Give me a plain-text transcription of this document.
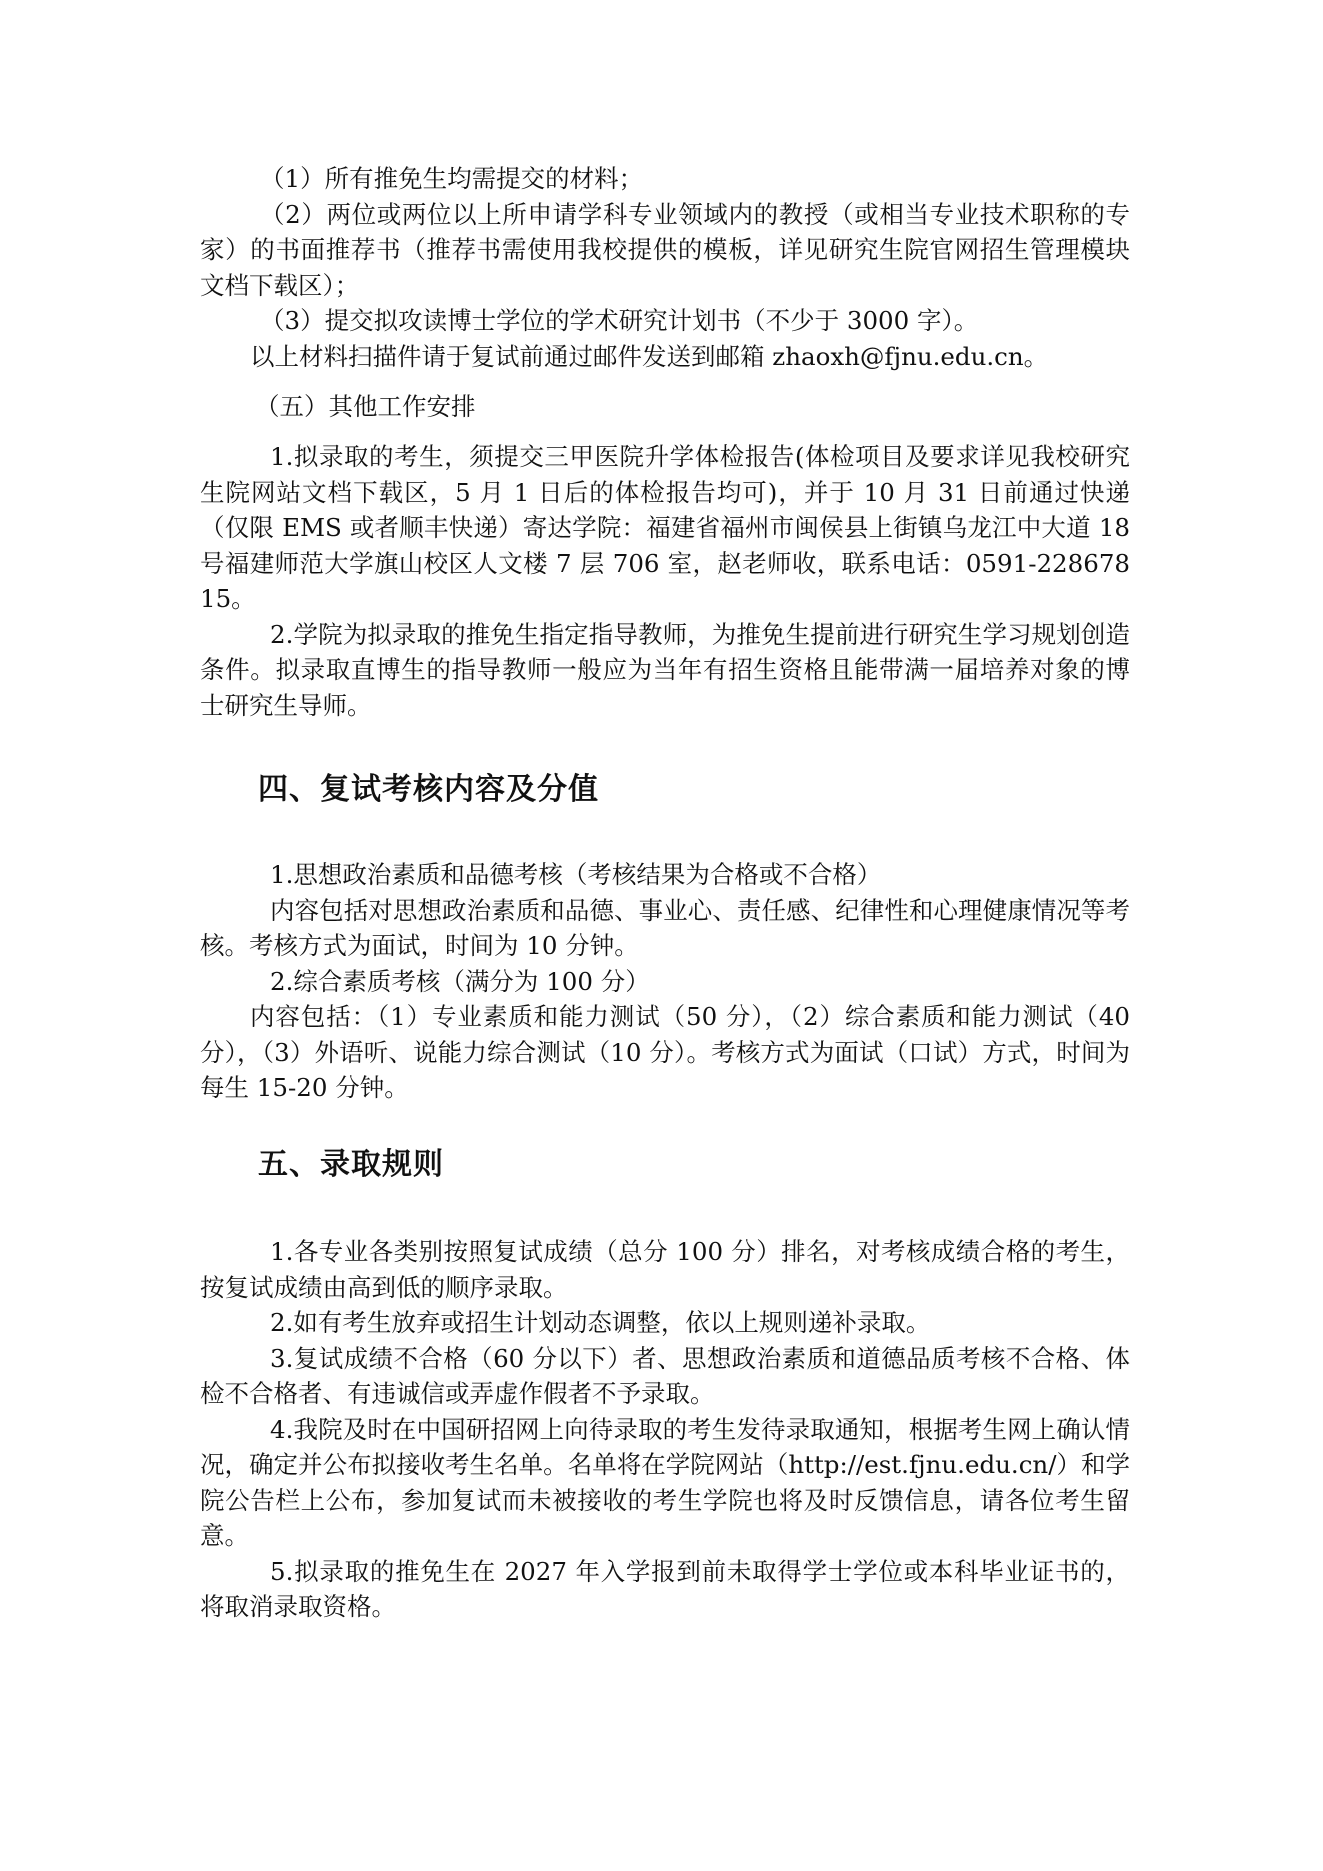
（1）所有推免生均需提交的材料；

（2）两位或两位以上所申请学科专业领域内的教授（或相当专业技术职称的专家）的书面推荐书（推荐书需使用我校提供的模板，详见研究生院官网招生管理模块文档下载区）；

（3）提交拟攻读博士学位的学术研究计划书（不少于 3000 字）。

以上材料扫描件请于复试前通过邮件发送到邮箱 zhaoxh@fjnu.edu.cn。

（五）其他工作安排

1.拟录取的考生，须提交三甲医院升学体检报告(体检项目及要求详见我校研究生院网站文档下载区，5 月 1 日后的体检报告均可)，并于 10 月 31 日前通过快递（仅限 EMS 或者顺丰快递）寄达学院：福建省福州市闽侯县上街镇乌龙江中大道 18 号福建师范大学旗山校区人文楼 7 层 706 室，赵老师收，联系电话：0591-22867815。

2.学院为拟录取的推免生指定指导教师，为推免生提前进行研究生学习规划创造条件。拟录取直博生的指导教师一般应为当年有招生资格且能带满一届培养对象的博士研究生导师。

四、复试考核内容及分值

1.思想政治素质和品德考核（考核结果为合格或不合格）

内容包括对思想政治素质和品德、事业心、责任感、纪律性和心理健康情况等考核。考核方式为面试，时间为 10 分钟。

2.综合素质考核（满分为 100 分）

内容包括：（1）专业素质和能力测试（50 分），（2）综合素质和能力测试（40 分），（3）外语听、说能力综合测试（10 分）。考核方式为面试（口试）方式，时间为每生 15-20 分钟。

五、录取规则

1.各专业各类别按照复试成绩（总分 100 分）排名，对考核成绩合格的考生，按复试成绩由高到低的顺序录取。

2.如有考生放弃或招生计划动态调整，依以上规则递补录取。

3.复试成绩不合格（60 分以下）者、思想政治素质和道德品质考核不合格、体检不合格者、有违诚信或弄虚作假者不予录取。

4.我院及时在中国研招网上向待录取的考生发待录取通知，根据考生网上确认情况，确定并公布拟接收考生名单。名单将在学院网站（http://est.fjnu.edu.cn/）和学院公告栏上公布，参加复试而未被接收的考生学院也将及时反馈信息，请各位考生留意。

5.拟录取的推免生在 2027 年入学报到前未取得学士学位或本科毕业证书的，将取消录取资格。
